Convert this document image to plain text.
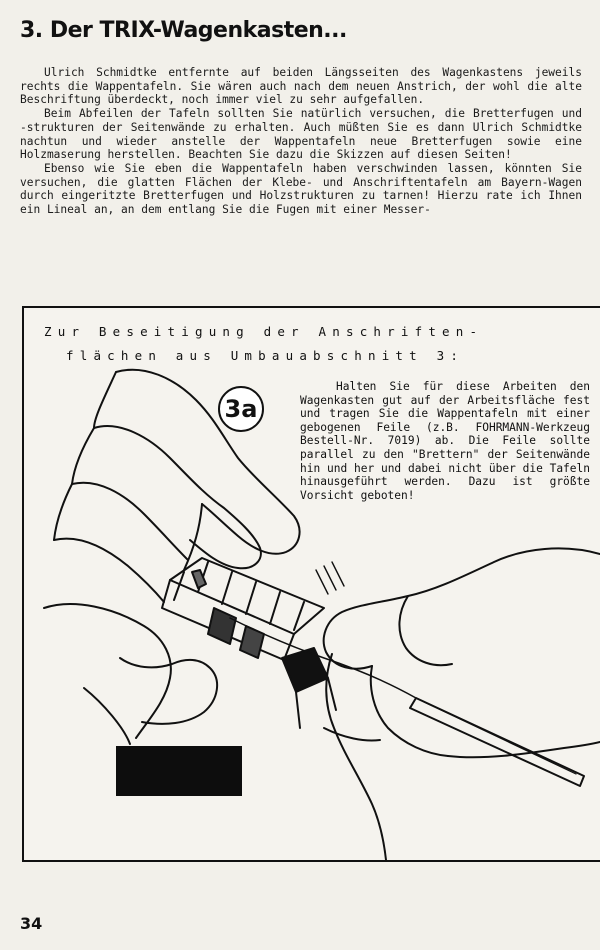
3. Der TRIX-Wagenkasten...

Ulrich Schmidtke entfernte auf beiden Längsseiten des Wagenkastens jeweils rechts die Wappentafeln. Sie wären auch nach dem neuen Anstrich, der wohl die alte Beschriftung überdeckt, noch immer viel zu sehr aufgefallen.

Beim Abfeilen der Tafeln sollten Sie natürlich versuchen, die Bretterfugen und -strukturen der Seitenwände zu erhalten. Auch müßten Sie es dann Ulrich Schmidtke nachtun und wieder anstelle der Wappentafeln neue Bretterfugen sowie eine Holzmaserung herstellen. Beachten Sie dazu die Skizzen auf diesen Seiten!

Ebenso wie Sie eben die Wappentafeln haben verschwinden lassen, könnten Sie versuchen, die glatten Flächen der Klebe- und Anschriftentafeln am Bayern-Wagen durch eingeritzte Bretterfugen und Holzstrukturen zu tarnen! Hierzu rate ich Ihnen ein Lineal an, an dem entlang Sie die Fugen mit einer Messer-

Zur Beseitigung der Anschriften-
flächen aus Umbauabschnitt 3:
3a
Halten Sie für diese Arbeiten den Wagenkasten gut auf der Arbeitsfläche fest und tragen Sie die Wappentafeln mit einer gebogenen Feile (z.B. FOHRMANN-Werkzeug Bestell-Nr. 7019) ab. Die Feile sollte parallel zu den "Brettern" der Seitenwände hin und her und dabei nicht über die Tafeln hinausgeführt werden. Dazu ist größte Vorsicht geboten!
34
